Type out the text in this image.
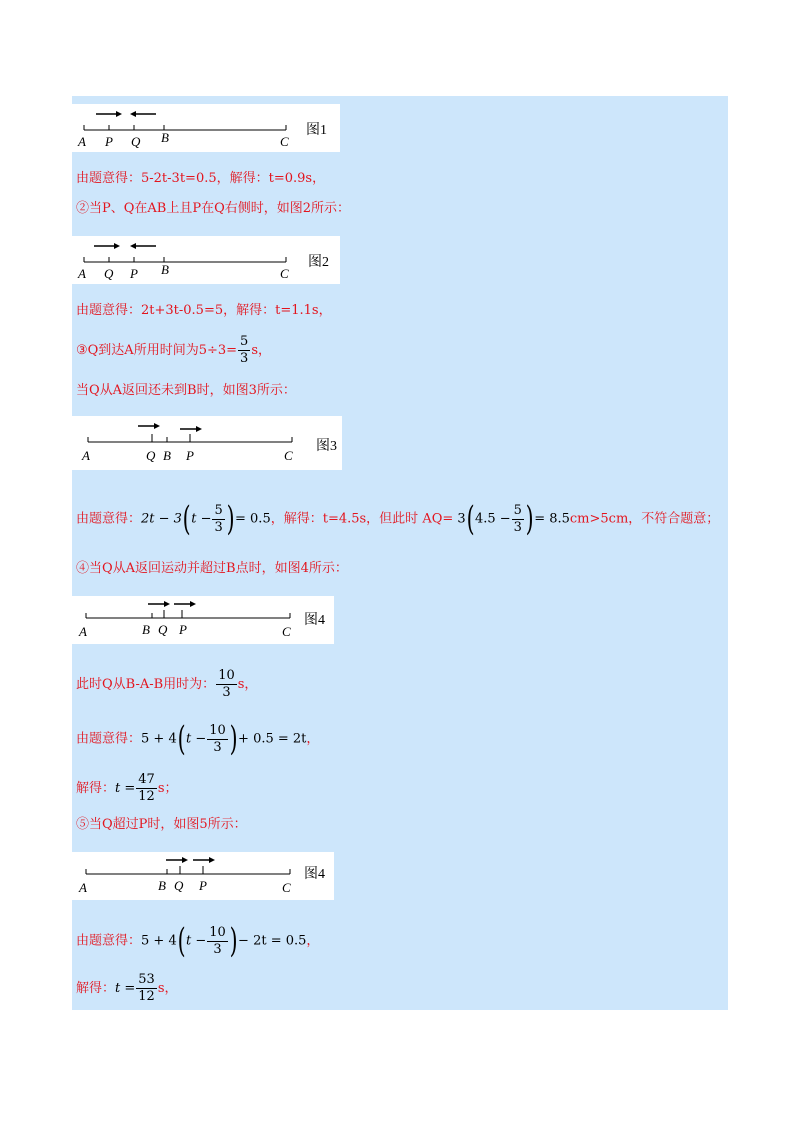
A P Q B	C
图1
由题意得：5-2t-3t=0.5，解得：t=0.9s，
②当P、Q在AB上且P在Q右侧时，如图2所示：
A Q P B	C
图2
由题意得：2t+3t-0.5=5，解得：t=1.1s，
③Q到达A所用时间为$5\div 3= \frac{5}{3}$ s，
当Q从A返回还未到B时，如图3所示：
A	Q B P	C
图3
由题意得：$2t - 3(t - \frac{5}{3}$ )= 0.5，解得：t=4.5s，但此时 $AQ= 3(4.5 - \frac{5}{3}$ )= 8.5cm>5cm，不符合题意；
④当Q从A返回运动并超过B点时，如图4所示：
A	B Q P	C
图4
此时Q从B-A-B用时为： $\frac{10}{3}$ s，
由题意得：$5 + 4(t - \frac{10}{3}$ )+ 0.5 = 2t，
解得：$t = \frac{47}{12}$ s；
⑤当Q超过P时，如图5所示：
A	B Q P	C
图4
由题意得：$5 + 4(t - \frac{10}{3}$ )− 2t = 0.5，
解得：$t = \frac{53}{12}$ s，
